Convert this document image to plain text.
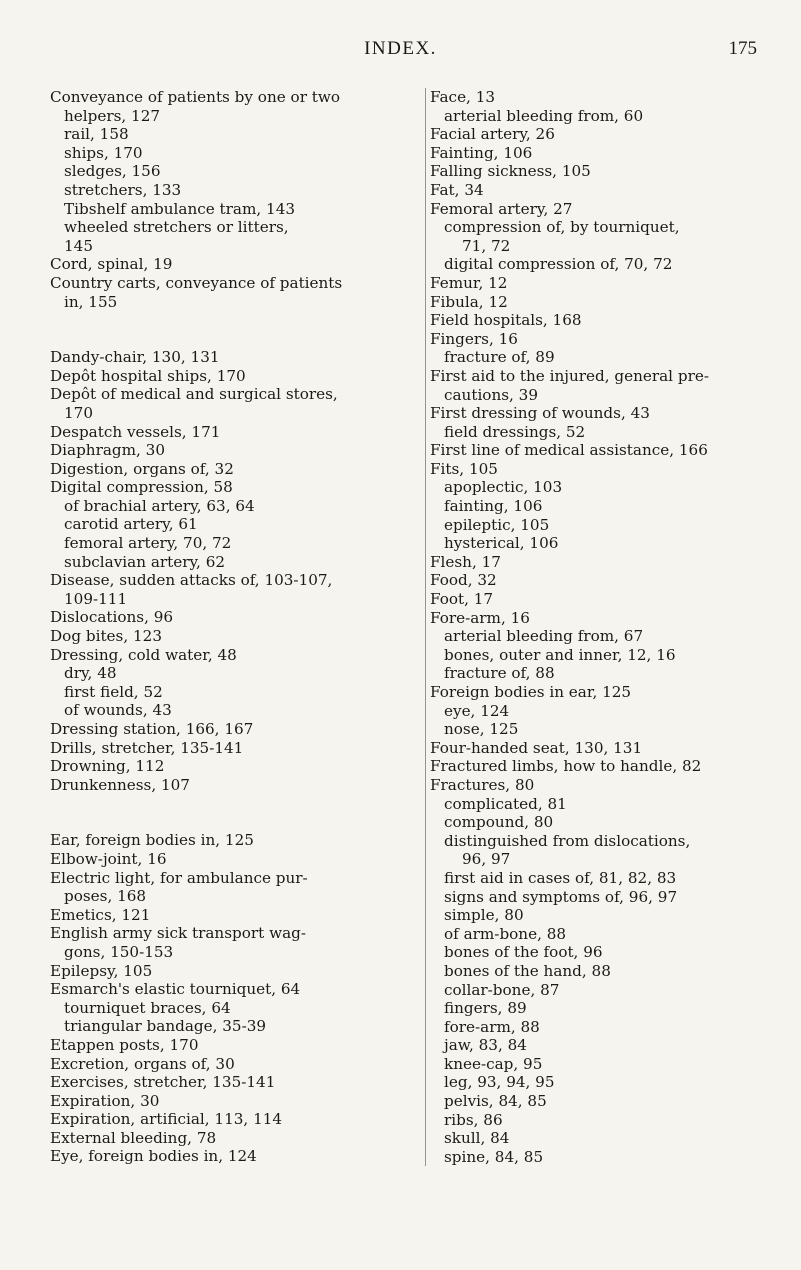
INDEX.	175
Conveyance of patients by one or two
helpers, 127
rail, 158
ships, 170
sledges, 156
stretchers, 133
Tibshelf ambulance tram, 143
wheeled stretchers or litters,
145
Cord, spinal, 19
Country carts, conveyance of patients
in, 155
Dandy-chair, 130, 131
Depôt hospital ships, 170
Depôt of medical and surgical stores,
170
Despatch vessels, 171
Diaphragm, 30
Digestion, organs of, 32
Digital compression, 58
of brachial artery, 63, 64
carotid artery, 61
femoral artery, 70, 72
subclavian artery, 62
Disease, sudden attacks of, 103-107,
109-111
Dislocations, 96
Dog bites, 123
Dressing, cold water, 48
dry, 48
first field, 52
of wounds, 43
Dressing station, 166, 167
Drills, stretcher, 135-141
Drowning, 112
Drunkenness, 107
Ear, foreign bodies in, 125
Elbow-joint, 16
Electric light, for ambulance pur-
poses, 168
Emetics, 121
English army sick transport wag-
gons, 150-153
Epilepsy, 105
Esmarch's elastic tourniquet, 64
tourniquet braces, 64
triangular bandage, 35-39
Etappen posts, 170
Excretion, organs of, 30
Exercises, stretcher, 135-141
Expiration, 30
Expiration, artificial, 113, 114
External bleeding, 78
Eye, foreign bodies in, 124
Face, 13
arterial bleeding from, 60
Facial artery, 26
Fainting, 106
Falling sickness, 105
Fat, 34
Femoral artery, 27
compression of, by tourniquet,
71, 72
digital compression of, 70, 72
Femur, 12
Fibula, 12
Field hospitals, 168
Fingers, 16
fracture of, 89
First aid to the injured, general pre-
cautions, 39
First dressing of wounds, 43
field dressings, 52
First line of medical assistance, 166
Fits, 105
apoplectic, 103
fainting, 106
epileptic, 105
hysterical, 106
Flesh, 17
Food, 32
Foot, 17
Fore-arm, 16
arterial bleeding from, 67
bones, outer and inner, 12, 16
fracture of, 88
Foreign bodies in ear, 125
eye, 124
nose, 125
Four-handed seat, 130, 131
Fractured limbs, how to handle, 82
Fractures, 80
complicated, 81
compound, 80
distinguished from dislocations,
96, 97
first aid in cases of, 81, 82, 83
signs and symptoms of, 96, 97
simple, 80
of arm-bone, 88
bones of the foot, 96
bones of the hand, 88
collar-bone, 87
fingers, 89
fore-arm, 88
jaw, 83, 84
knee-cap, 95
leg, 93, 94, 95
pelvis, 84, 85
ribs, 86
skull, 84
spine, 84, 85
